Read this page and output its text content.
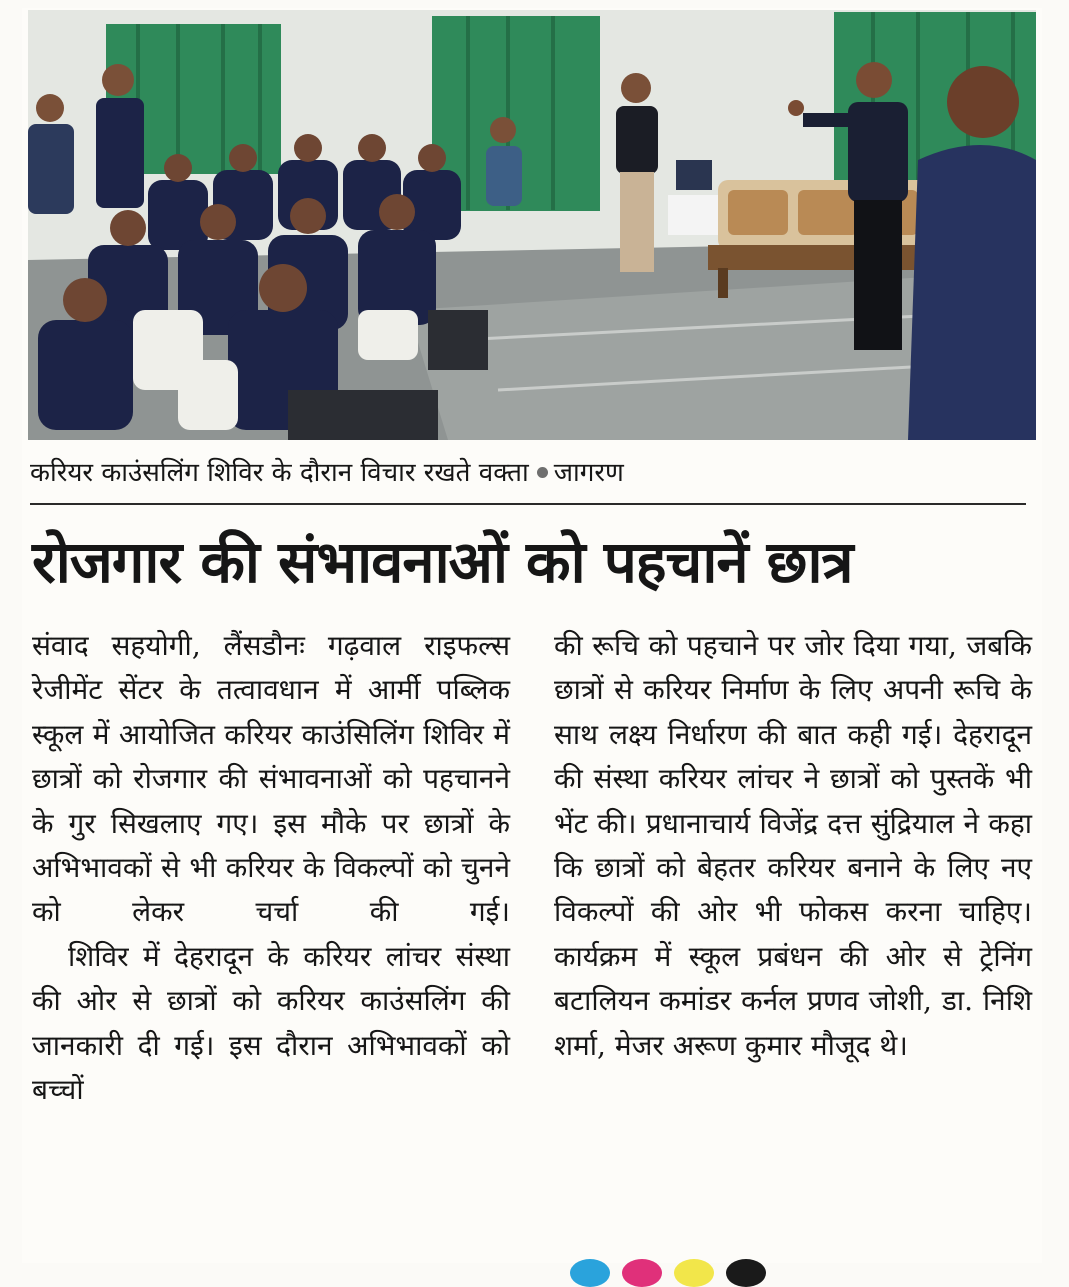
करियर काउंसलिंग शिविर के दौरान विचार रखते वक्ता जागरण
रोजगार की संभावनाओं को पहचानें छात्र

संवाद सहयोगी, लैंसडौनः गढ़वाल राइफल्स रेजीमेंट सेंटर के तत्वावधान में आर्मी पब्लिक स्कूल में आयोजित करियर काउंसिलिंग शिविर में छात्रों को रोजगार की संभावनाओं को पहचानने के गुर सिखलाए गए। इस मौके पर छात्रों के अभिभावकों से भी करियर के विकल्पों को चुनने को लेकर चर्चा की गई।

शिविर में देहरादून के करियर लांचर संस्था की ओर से छात्रों को करियर काउंसलिंग की जानकारी दी गई। इस दौरान अभिभावकों को बच्चों

की रूचि को पहचाने पर जोर दिया गया, जबकि छात्रों से करियर निर्माण के लिए अपनी रूचि के साथ लक्ष्य निर्धारण की बात कही गई। देहरादून की संस्था करियर लांचर ने छात्रों को पुस्तकें भी भेंट की। प्रधानाचार्य विजेंद्र दत्त सुंद्रियाल ने कहा कि छात्रों को बेहतर करियर बनाने के लिए नए विकल्पों की ओर भी फोकस करना चाहिए। कार्यक्रम में स्कूल प्रबंधन की ओर से ट्रेनिंग बटालियन कमांडर कर्नल प्रणव जोशी, डा. निशि शर्मा, मेजर अरूण कुमार मौजूद थे।
